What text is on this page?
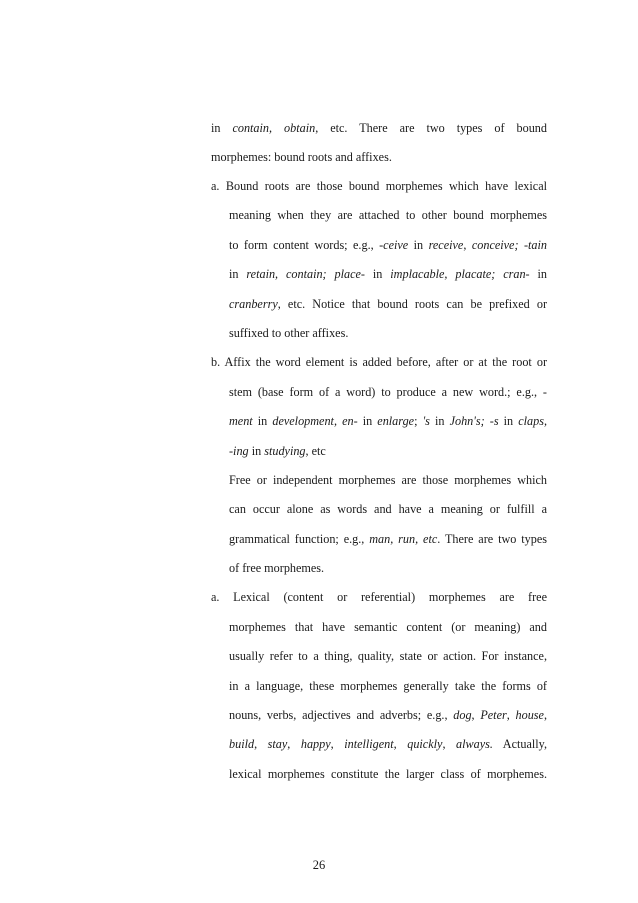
in contain, obtain, etc. There are two types of bound
morphemes: bound roots and affixes.
a. Bound roots are those bound morphemes which have lexical
meaning when they are attached to other bound morphemes
to form content words; e.g., -ceive in receive, conceive; -tain
in retain, contain; place- in implacable, placate; cran- in
cranberry, etc. Notice that bound roots can be prefixed or
suffixed to other affixes.
b. Affix the word element is added before, after or at the root or
stem (base form of a word) to produce a new word.; e.g., -
ment in development, en- in enlarge; 's in John's; -s in claps,
-ing in studying, etc
Free or independent morphemes are those morphemes which
can occur alone as words and have a meaning or fulfill a
grammatical function; e.g., man, run, etc. There are two types
of free morphemes.
a. Lexical (content or referential) morphemes are free
morphemes that have semantic content (or meaning) and
usually refer to a thing, quality, state or action. For instance,
in a language, these morphemes generally take the forms of
nouns, verbs, adjectives and adverbs; e.g., dog, Peter, house,
build, stay, happy, intelligent, quickly, always. Actually,
lexical morphemes constitute the larger class of morphemes.
26
